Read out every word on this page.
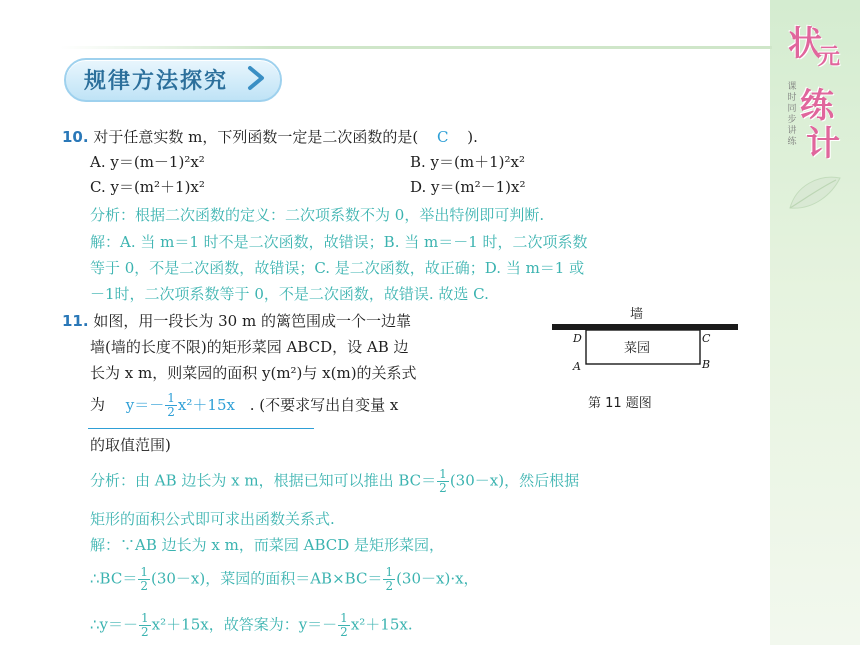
状
元
练
计
课时同步讲练
规律方法探究
10. 对于任意实数 m，下列函数一定是二次函数的是( C ).
A. y＝(m－1)²x²	B. y＝(m＋1)²x²
C. y＝(m²＋1)x²	D. y＝(m²－1)x²
分析：根据二次函数的定义：二次项系数不为 0，举出特例即可判断.
解：A. 当 m＝1 时不是二次函数，故错误；B. 当 m＝－1 时，二次项系数
等于 0，不是二次函数，故错误；C. 是二次函数，故正确；D. 当 m＝1 或
－1时，二次项系数等于 0，不是二次函数，故错误. 故选 C.
11. 如图，用一段长为 30 m 的篱笆围成一个一边靠
墙(墙的长度不限)的矩形菜园 ABCD，设 AB 边
长为 x m，则菜园的面积 y(m²)与 x(m)的关系式
为 $y=- \frac{1}{2} x^2+15x$ . (不要求写出自变量 x
的取值范围)
墙
菜园
D	C
A	B
第 11 题图
分析：由 AB 边长为 x m，根据已知可以推出 $BC= \frac{1}{2} (30-x)$，然后根据
矩形的面积公式即可求出函数关系式.
解：∵AB 边长为 x m，而菜园 ABCD 是矩形菜园，
∴BC＝ $\frac{1}{2} (30-x)$，菜园的面积$=AB\times BC= \frac{1}{2} (30-x)\cdot x$，
∴y＝－ $\frac{1}{2} x^2+15x$，故答案为：$y=- \frac{1}{2} x^2+15x$.
